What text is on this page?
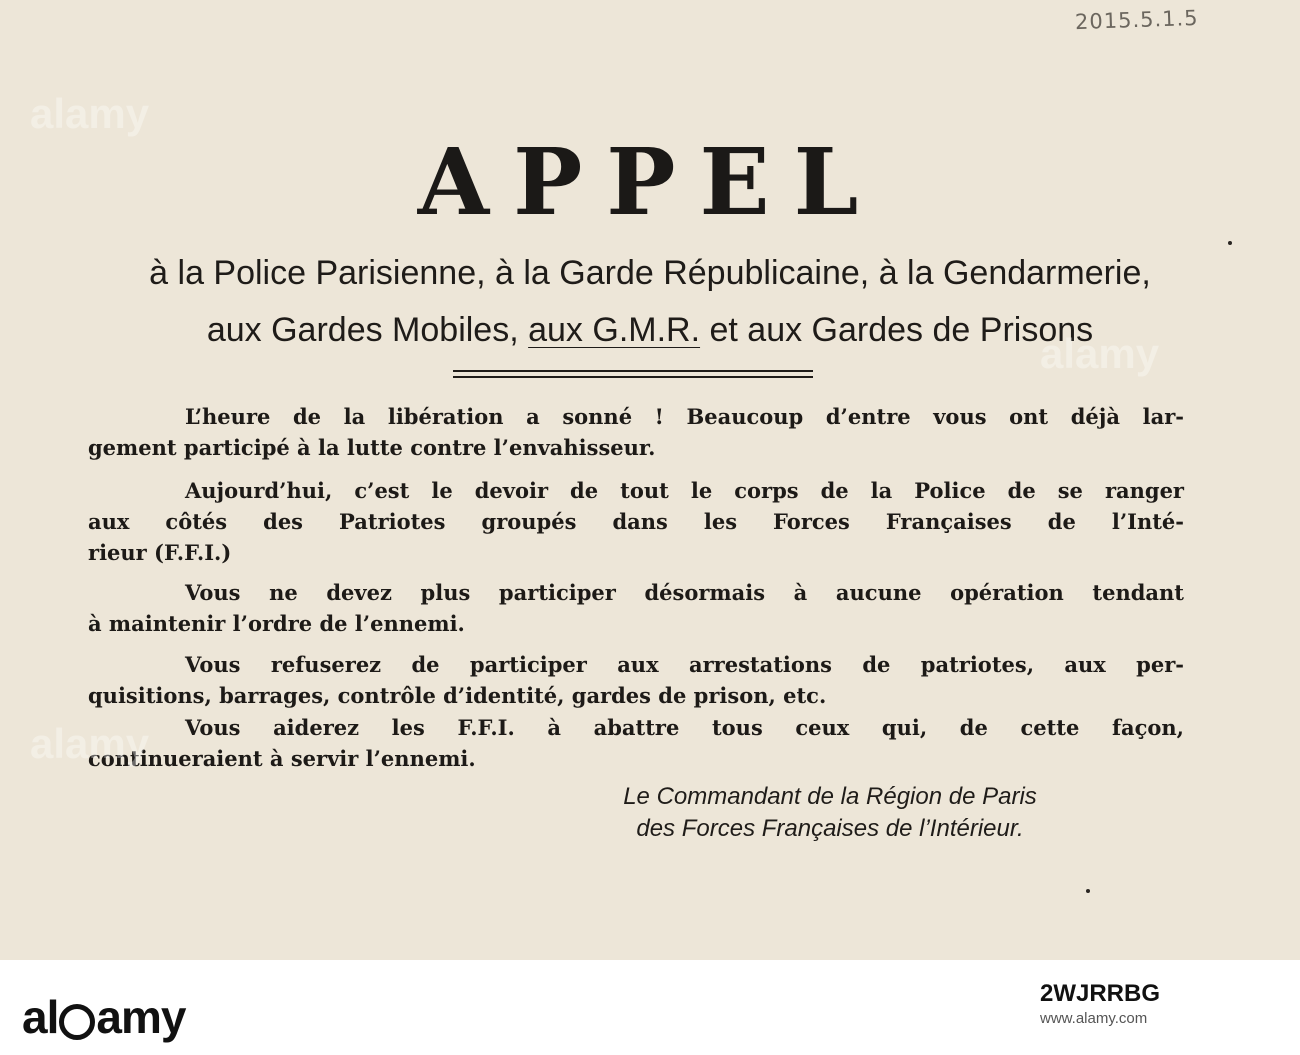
2015.5.1.5
APPEL
à la Police Parisienne, à la Garde Républicaine, à la Gendarmerie,
aux Gardes Mobiles, aux G.M.R. et aux Gardes de Prisons
L’heure de la libération a sonné ! Beaucoup d’entre vous ont déjà lar-
gement participé à la lutte contre l’envahisseur.
Aujourd’hui, c’est le devoir de tout le corps de la Police de se ranger
aux côtés des Patriotes groupés dans les Forces Françaises de l’Inté-
rieur (F.F.I.)
Vous ne devez plus participer désormais à aucune opération tendant
à maintenir l’ordre de l’ennemi.
Vous refuserez de participer aux arrestations de patriotes, aux per-
quisitions, barrages, contrôle d’identité, gardes de prison, etc.
Vous aiderez les F.F.I. à abattre tous ceux qui, de cette façon,
continueraient à servir l’ennemi.
Le Commandant de la Région de Paris
des Forces Françaises de l’Intérieur.
alamy
alamy
alamy
al amy	2WJRRBG
www.alamy.com
